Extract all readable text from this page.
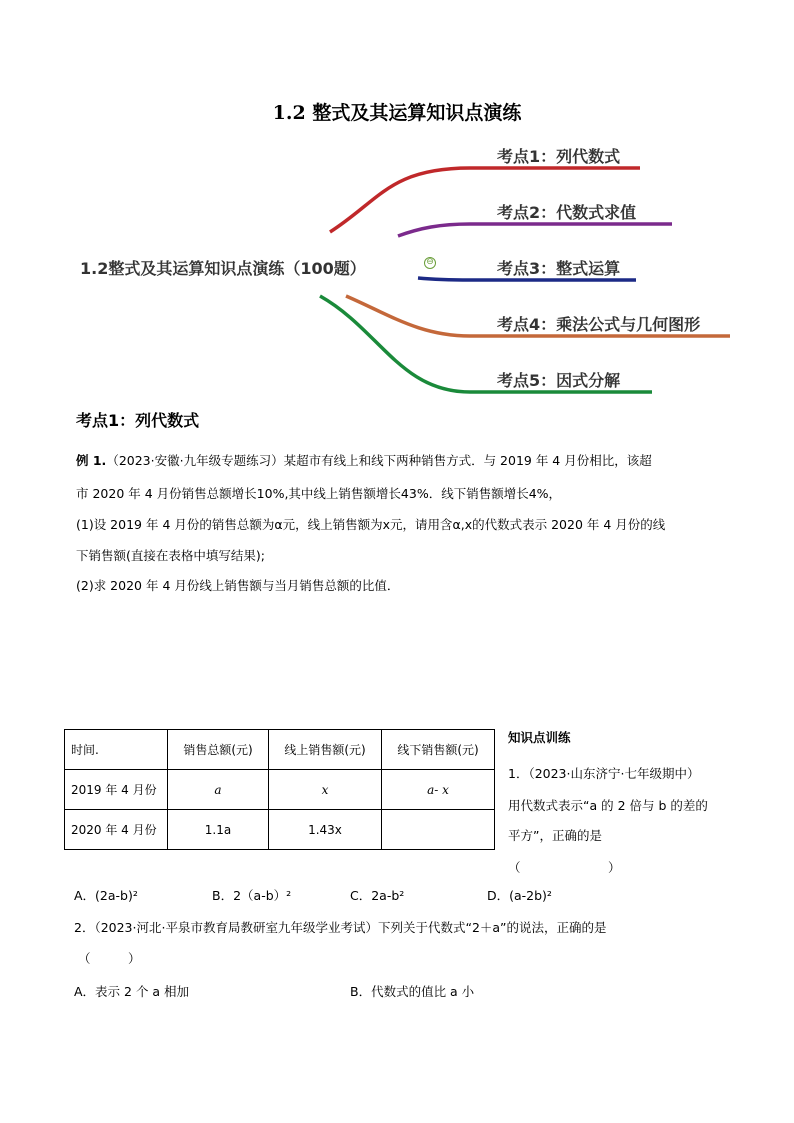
1.2 整式及其运算知识点演练
1.2整式及其运算知识点演练（100题）	⊖
考点1：列代数式
考点2：代数式求值
考点3：整式运算
考点4：乘法公式与几何图形
考点5：因式分解
考点1：列代数式
例 1.（2023·安徽·九年级专题练习）某超市有线上和线下两种销售方式．与 2019 年 4 月份相比，该超
市 2020 年 4 月份销售总额增长10%,其中线上销售额增长43%．线下销售额增长4%，
(1)设 2019 年 4 月份的销售总额为α元，线上销售额为x元，请用含α,x的代数式表示 2020 年 4 月份的线
下销售额(直接在表格中填写结果);
(2)求 2020 年 4 月份线上销售额与当月销售总额的比值．
时间.	销售总额(元)	线上销售额(元)	线下销售额(元)
2019 年 4 月份	a	x	a- x
2020 年 4 月份	1.1a	1.43x	
知识点训练
1．（2023·山东济宁·七年级期中）
用代数式表示“a 的 2 倍与 b 的差的
平方”，正确的是
（　　　　　　　）
A．(2a-b)²	B．2（a-b）²	C．2a-b²	D．(a-2b)²
2．（2023·河北·平泉市教育局教研室九年级学业考试）下列关于代数式“2＋a”的说法，正确的是
（　　　）
A．表示 2 个 a 相加	B．代数式的值比 a 小
